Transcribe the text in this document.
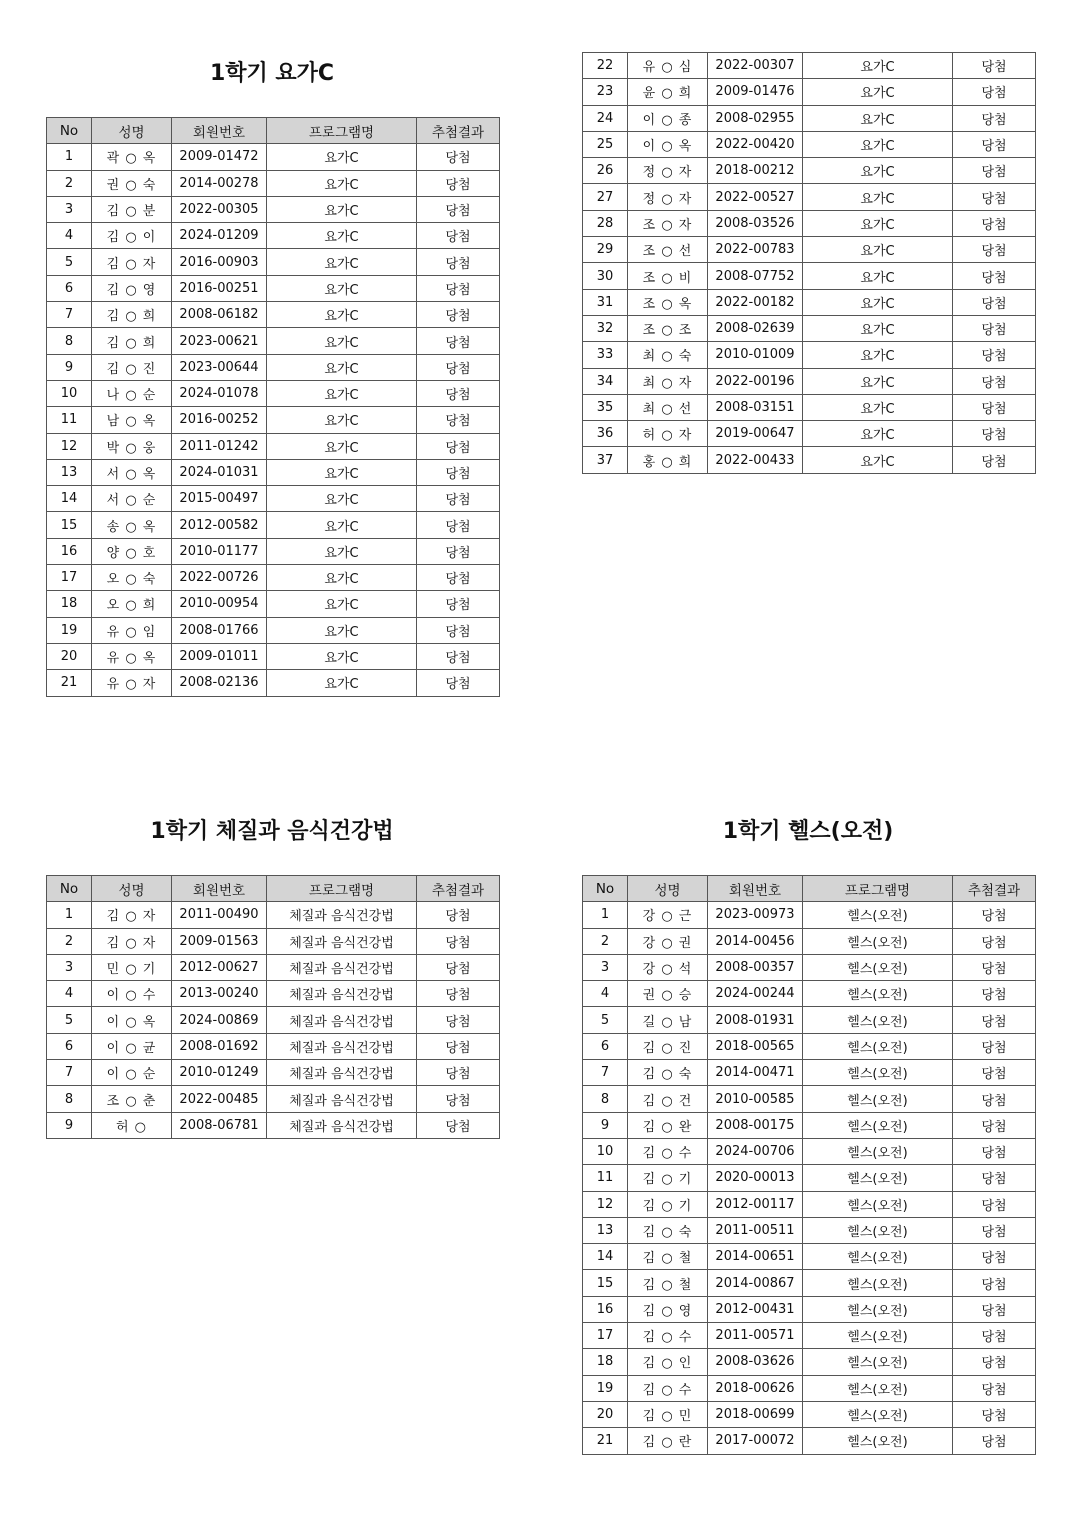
1학기 요가C
No	성명	회원번호	프로그램명	추첨결과
1	곽 ○ 옥	2009-01472	요가C	당첨
2	권 ○ 숙	2014-00278	요가C	당첨
3	김 ○ 분	2022-00305	요가C	당첨
4	김 ○ 이	2024-01209	요가C	당첨
5	김 ○ 자	2016-00903	요가C	당첨
6	김 ○ 영	2016-00251	요가C	당첨
7	김 ○ 희	2008-06182	요가C	당첨
8	김 ○ 희	2023-00621	요가C	당첨
9	김 ○ 진	2023-00644	요가C	당첨
10	나 ○ 순	2024-01078	요가C	당첨
11	남 ○ 옥	2016-00252	요가C	당첨
12	박 ○ 웅	2011-01242	요가C	당첨
13	서 ○ 옥	2024-01031	요가C	당첨
14	서 ○ 순	2015-00497	요가C	당첨
15	송 ○ 옥	2012-00582	요가C	당첨
16	양 ○ 호	2010-01177	요가C	당첨
17	오 ○ 숙	2022-00726	요가C	당첨
18	오 ○ 희	2010-00954	요가C	당첨
19	유 ○ 임	2008-01766	요가C	당첨
20	유 ○ 옥	2009-01011	요가C	당첨
21	유 ○ 자	2008-02136	요가C	당첨
22	유 ○ 심	2022-00307	요가C	당첨
23	윤 ○ 희	2009-01476	요가C	당첨
24	이 ○ 종	2008-02955	요가C	당첨
25	이 ○ 옥	2022-00420	요가C	당첨
26	정 ○ 자	2018-00212	요가C	당첨
27	정 ○ 자	2022-00527	요가C	당첨
28	조 ○ 자	2008-03526	요가C	당첨
29	조 ○ 선	2022-00783	요가C	당첨
30	조 ○ 비	2008-07752	요가C	당첨
31	조 ○ 옥	2022-00182	요가C	당첨
32	조 ○ 조	2008-02639	요가C	당첨
33	최 ○ 숙	2010-01009	요가C	당첨
34	최 ○ 자	2022-00196	요가C	당첨
35	최 ○ 선	2008-03151	요가C	당첨
36	허 ○ 자	2019-00647	요가C	당첨
37	홍 ○ 희	2022-00433	요가C	당첨
1학기 체질과 음식건강법
No	성명	회원번호	프로그램명	추첨결과
1	김 ○ 자	2011-00490	체질과 음식건강법	당첨
2	김 ○ 자	2009-01563	체질과 음식건강법	당첨
3	민 ○ 기	2012-00627	체질과 음식건강법	당첨
4	이 ○ 수	2013-00240	체질과 음식건강법	당첨
5	이 ○ 옥	2024-00869	체질과 음식건강법	당첨
6	이 ○ 균	2008-01692	체질과 음식건강법	당첨
7	이 ○ 순	2010-01249	체질과 음식건강법	당첨
8	조 ○ 춘	2022-00485	체질과 음식건강법	당첨
9	허 ○	2008-06781	체질과 음식건강법	당첨
1학기 헬스(오전)
No	성명	회원번호	프로그램명	추첨결과
1	강 ○ 근	2023-00973	헬스(오전)	당첨
2	강 ○ 권	2014-00456	헬스(오전)	당첨
3	강 ○ 석	2008-00357	헬스(오전)	당첨
4	권 ○ 승	2024-00244	헬스(오전)	당첨
5	길 ○ 남	2008-01931	헬스(오전)	당첨
6	김 ○ 진	2018-00565	헬스(오전)	당첨
7	김 ○ 숙	2014-00471	헬스(오전)	당첨
8	김 ○ 건	2010-00585	헬스(오전)	당첨
9	김 ○ 완	2008-00175	헬스(오전)	당첨
10	김 ○ 수	2024-00706	헬스(오전)	당첨
11	김 ○ 기	2020-00013	헬스(오전)	당첨
12	김 ○ 기	2012-00117	헬스(오전)	당첨
13	김 ○ 숙	2011-00511	헬스(오전)	당첨
14	김 ○ 철	2014-00651	헬스(오전)	당첨
15	김 ○ 철	2014-00867	헬스(오전)	당첨
16	김 ○ 영	2012-00431	헬스(오전)	당첨
17	김 ○ 수	2011-00571	헬스(오전)	당첨
18	김 ○ 인	2008-03626	헬스(오전)	당첨
19	김 ○ 수	2018-00626	헬스(오전)	당첨
20	김 ○ 민	2018-00699	헬스(오전)	당첨
21	김 ○ 란	2017-00072	헬스(오전)	당첨
